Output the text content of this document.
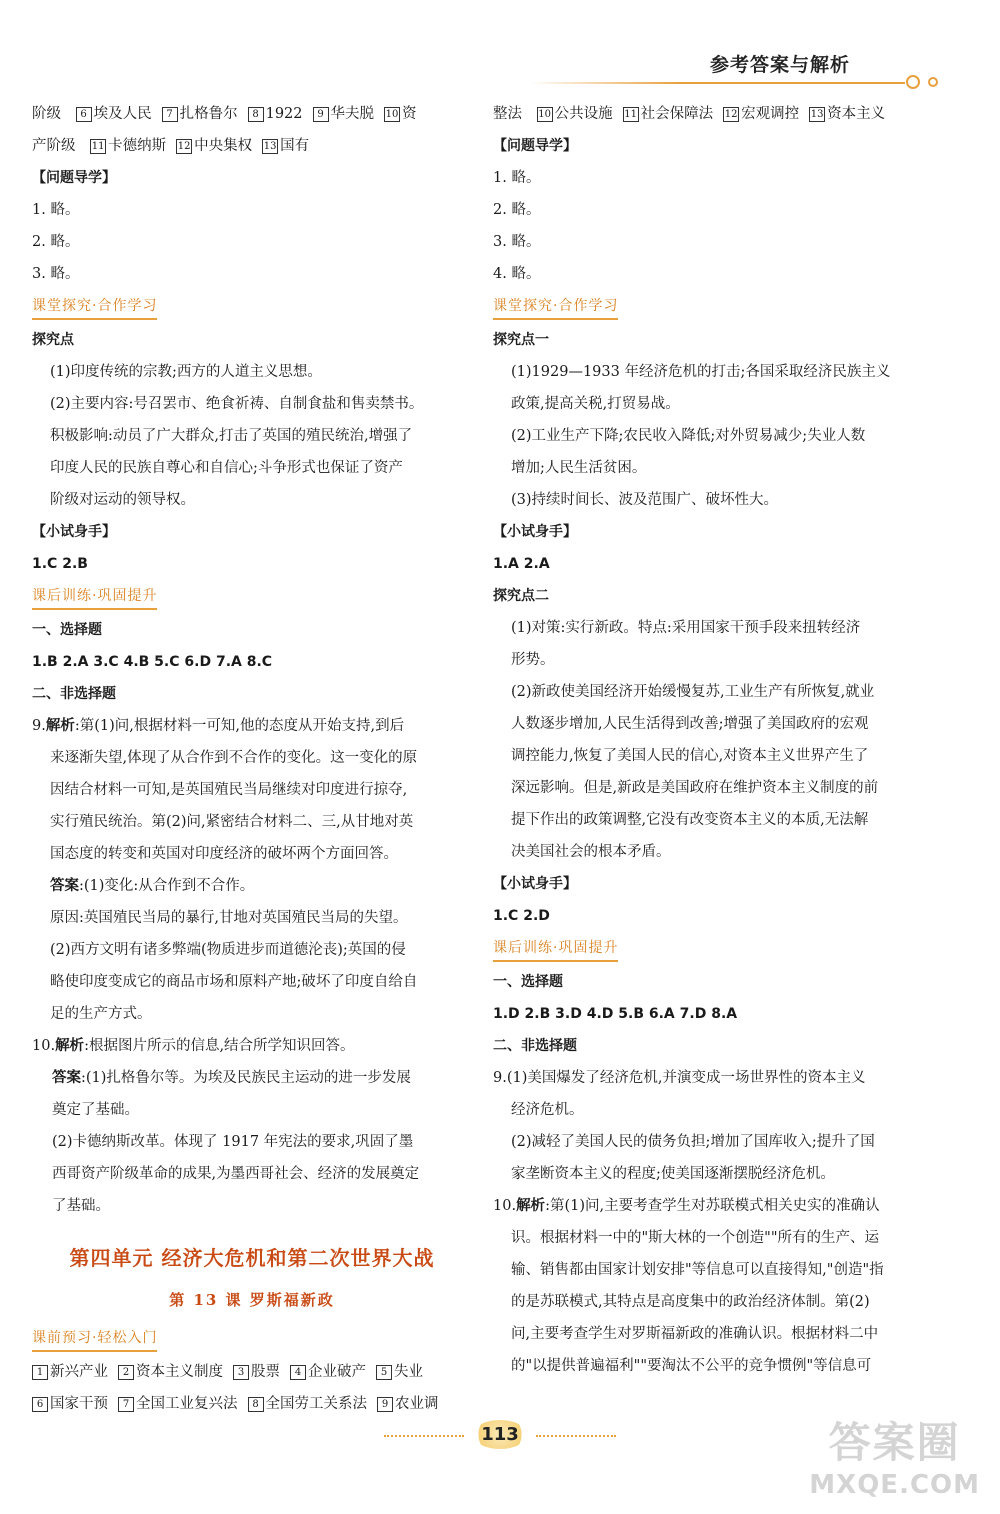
参考答案与解析
阶级 6 埃及人民 7 扎格鲁尔 8 1922 9 华夫脱 10 资
产阶级 11 卡德纳斯 12 中央集权 13 国有
【问题导学】
1. 略。
2. 略。
3. 略。
课堂探究·合作学习
探究点
(1)印度传统的宗教;西方的人道主义思想。
(2)主要内容:号召罢市、绝食祈祷、自制食盐和售卖禁书。
积极影响:动员了广大群众,打击了英国的殖民统治,增强了
印度人民的民族自尊心和自信心;斗争形式也保证了资产
阶级对运动的领导权。
【小试身手】
1.C 2.B
课后训练·巩固提升
一、选择题
1.B 2.A 3.C 4.B 5.C 6.D 7.A 8.C
二、非选择题
9.解析:第(1)问,根据材料一可知,他的态度从开始支持,到后
来逐渐失望,体现了从合作到不合作的变化。这一变化的原
因结合材料一可知,是英国殖民当局继续对印度进行掠夺,
实行殖民统治。第(2)问,紧密结合材料二、三,从甘地对英
国态度的转变和英国对印度经济的破坏两个方面回答。
答案:(1)变化:从合作到不合作。
原因:英国殖民当局的暴行,甘地对英国殖民当局的失望。
(2)西方文明有诸多弊端(物质进步而道德沦丧);英国的侵
略使印度变成它的商品市场和原料产地;破坏了印度自给自
足的生产方式。
10.解析:根据图片所示的信息,结合所学知识回答。
答案:(1)扎格鲁尔等。为埃及民族民主运动的进一步发展
奠定了基础。
(2)卡德纳斯改革。体现了 1917 年宪法的要求,巩固了墨
西哥资产阶级革命的成果,为墨西哥社会、经济的发展奠定
了基础。
第四单元 经济大危机和第二次世界大战
第 13 课 罗斯福新政
课前预习·轻松入门
1 新兴产业 2 资本主义制度 3 股票 4 企业破产 5 失业
6 国家干预 7 全国工业复兴法 8 全国劳工关系法 9 农业调
整法 10 公共设施 11 社会保障法 12 宏观调控 13 资本主义
【问题导学】
1. 略。
2. 略。
3. 略。
4. 略。
课堂探究·合作学习
探究点一
(1)1929—1933 年经济危机的打击;各国采取经济民族主义
政策,提高关税,打贸易战。
(2)工业生产下降;农民收入降低;对外贸易减少;失业人数
增加;人民生活贫困。
(3)持续时间长、波及范围广、破坏性大。
【小试身手】
1.A 2.A
探究点二
(1)对策:实行新政。特点:采用国家干预手段来扭转经济
形势。
(2)新政使美国经济开始缓慢复苏,工业生产有所恢复,就业
人数逐步增加,人民生活得到改善;增强了美国政府的宏观
调控能力,恢复了美国人民的信心,对资本主义世界产生了
深远影响。但是,新政是美国政府在维护资本主义制度的前
提下作出的政策调整,它没有改变资本主义的本质,无法解
决美国社会的根本矛盾。
【小试身手】
1.C 2.D
课后训练·巩固提升
一、选择题
1.D 2.B 3.D 4.D 5.B 6.A 7.D 8.A
二、非选择题
9.(1)美国爆发了经济危机,并演变成一场世界性的资本主义
经济危机。
(2)减轻了美国人民的债务负担;增加了国库收入;提升了国
家垄断资本主义的程度;使美国逐渐摆脱经济危机。
10.解析:第(1)问,主要考查学生对苏联模式相关史实的准确认
识。根据材料一中的"斯大林的一个创造""所有的生产、运
输、销售都由国家计划安排"等信息可以直接得知,"创造"指
的是苏联模式,其特点是高度集中的政治经济体制。第(2)
问,主要考查学生对罗斯福新政的准确认识。根据材料二中
的"以提供普遍福利""要淘汰不公平的竞争惯例"等信息可
113	答案圈
MXQE.COM
